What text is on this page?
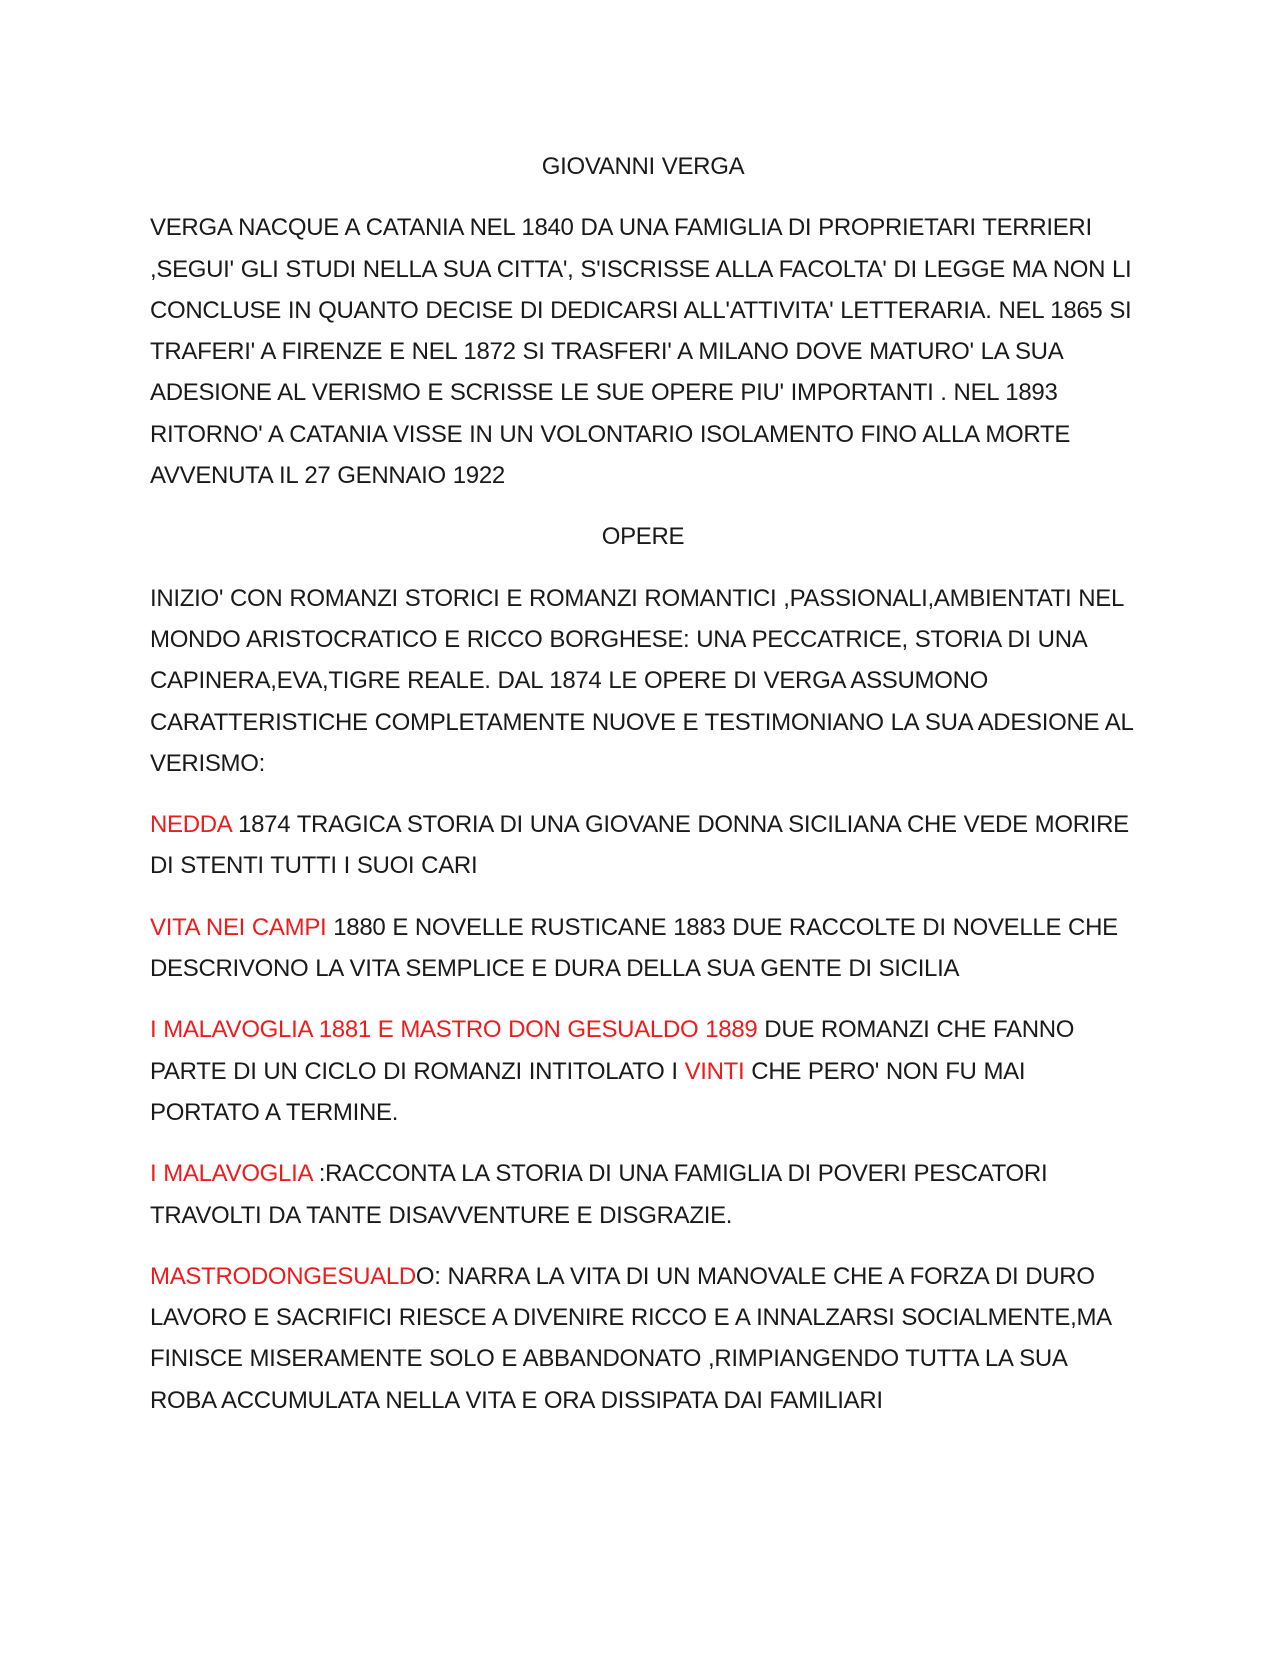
GIOVANNI VERGA

VERGA NACQUE A CATANIA NEL 1840 DA UNA FAMIGLIA DI PROPRIETARI TERRIERI ,SEGUI' GLI STUDI NELLA SUA CITTA', S'ISCRISSE ALLA FACOLTA' DI LEGGE MA NON LI CONCLUSE IN QUANTO DECISE DI DEDICARSI ALL'ATTIVITA' LETTERARIA. NEL 1865 SI TRAFERI' A FIRENZE E NEL 1872 SI TRASFERI' A MILANO DOVE MATURO' LA SUA ADESIONE AL VERISMO E SCRISSE LE SUE OPERE PIU' IMPORTANTI . NEL 1893 RITORNO' A CATANIA VISSE IN UN VOLONTARIO ISOLAMENTO FINO ALLA MORTE AVVENUTA IL 27 GENNAIO 1922

OPERE

INIZIO' CON ROMANZI STORICI E ROMANZI ROMANTICI ,PASSIONALI,AMBIENTATI NEL MONDO ARISTOCRATICO E RICCO BORGHESE: UNA PECCATRICE, STORIA DI UNA CAPINERA,EVA,TIGRE REALE. DAL 1874 LE OPERE DI VERGA ASSUMONO CARATTERISTICHE COMPLETAMENTE NUOVE E TESTIMONIANO LA SUA ADESIONE AL VERISMO:

NEDDA 1874 TRAGICA STORIA DI UNA GIOVANE DONNA SICILIANA CHE VEDE MORIRE DI STENTI TUTTI I SUOI CARI

VITA NEI CAMPI 1880 E NOVELLE RUSTICANE 1883 DUE RACCOLTE DI NOVELLE CHE DESCRIVONO LA VITA SEMPLICE E DURA DELLA SUA GENTE DI SICILIA

I MALAVOGLIA 1881 E MASTRO DON GESUALDO 1889 DUE ROMANZI CHE FANNO PARTE DI UN CICLO DI ROMANZI INTITOLATO I VINTI CHE PERO' NON FU MAI PORTATO A TERMINE.

I MALAVOGLIA :RACCONTA LA STORIA DI UNA FAMIGLIA DI POVERI PESCATORI TRAVOLTI DA TANTE DISAVVENTURE E DISGRAZIE.

MASTRODONGESUALDO: NARRA LA VITA DI UN MANOVALE CHE A FORZA DI DURO LAVORO E SACRIFICI RIESCE A DIVENIRE RICCO E A INNALZARSI SOCIALMENTE,MA FINISCE MISERAMENTE SOLO E ABBANDONATO ,RIMPIANGENDO TUTTA LA SUA ROBA ACCUMULATA NELLA VITA E ORA DISSIPATA DAI FAMILIARI
